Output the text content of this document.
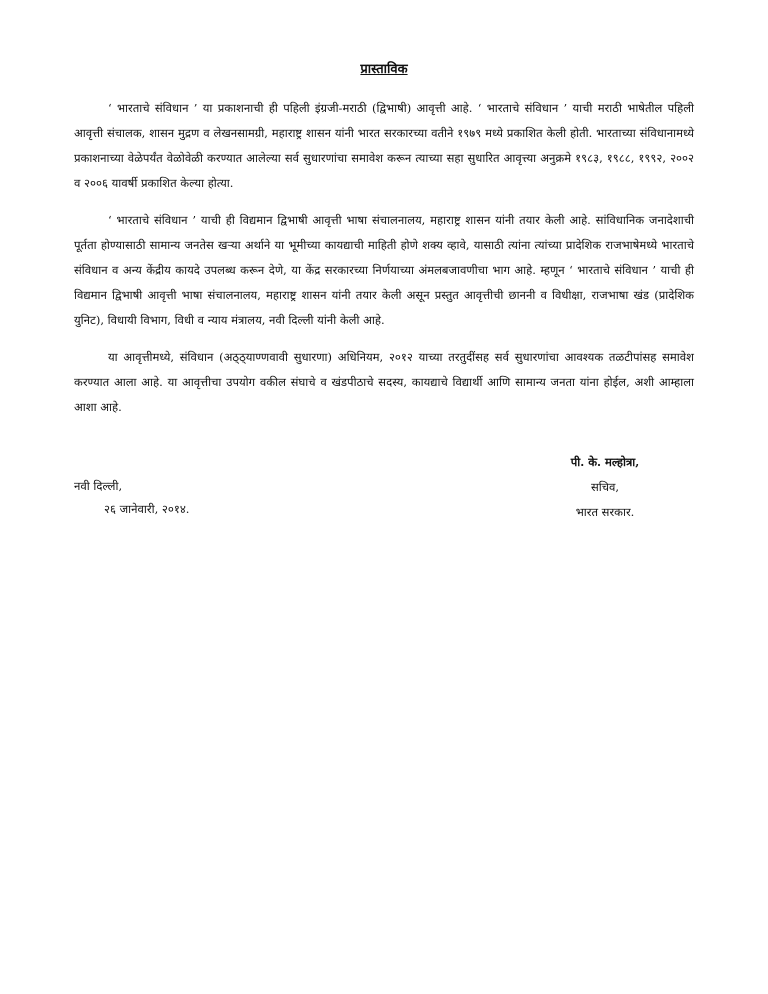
प्रास्ताविक

‘ भारताचे संविधान ’ या प्रकाशनाची ही पहिली इंग्रजी-मराठी (द्विभाषी) आवृत्ती आहे. ‘ भारताचे संविधान ’ याची मराठी भाषेतील पहिली आवृत्ती संचालक, शासन मुद्रण व लेखनसामग्री, महाराष्ट्र शासन यांनी भारत सरकारच्या वतीने १९७९ मध्ये प्रकाशित केली होती. भारताच्या संविधानामध्ये प्रकाशनाच्या वेळेपर्यंत वेळोवेळी करण्यात आलेल्या सर्व सुधारणांचा समावेश करून त्याच्या सहा सुधारित आवृत्त्या अनुक्रमे १९८३, १९८८, १९९२, २००२ व २००६ यावर्षी प्रकाशित केल्या होत्या.

‘ भारताचे संविधान ’ याची ही विद्यमान द्विभाषी आवृत्ती भाषा संचालनालय, महाराष्ट्र शासन यांनी तयार केली आहे. सांविधानिक जनादेशाची पूर्तता होण्यासाठी सामान्य जनतेस खऱ्या अर्थाने या भूमीच्या कायद्याची माहिती होणे शक्य व्हावे, यासाठी त्यांना त्यांच्या प्रादेशिक राजभाषेमध्ये भारताचे संविधान व अन्य केंद्रीय कायदे उपलब्ध करून देणे, या केंद्र सरकारच्या निर्णयाच्या अंमलबजावणीचा भाग आहे. म्हणून ‘ भारताचे संविधान ’ याची ही विद्यमान द्विभाषी आवृत्ती भाषा संचालनालय, महाराष्ट्र शासन यांनी तयार केली असून प्रस्तुत आवृत्तीची छाननी व विधीक्षा, राजभाषा खंड (प्रादेशिक युनिट), विधायी विभाग, विधी व न्याय मंत्रालय, नवी दिल्ली यांनी केली आहे.

या आवृत्तीमध्ये, संविधान (अठ्ठ्याण्णवावी सुधारणा) अधिनियम, २०१२ याच्या तरतुदींसह सर्व सुधारणांचा आवश्यक तळटीपांसह समावेश करण्यात आला आहे. या आवृत्तीचा उपयोग वकील संघाचे व खंडपीठाचे सदस्य, कायद्याचे विद्यार्थी आणि सामान्य जनता यांना होईल, अशी आम्हाला आशा आहे.

पी. के. मल्होत्रा,
सचिव,
भारत सरकार.
नवी दिल्ली,
२६ जानेवारी, २०१४.
